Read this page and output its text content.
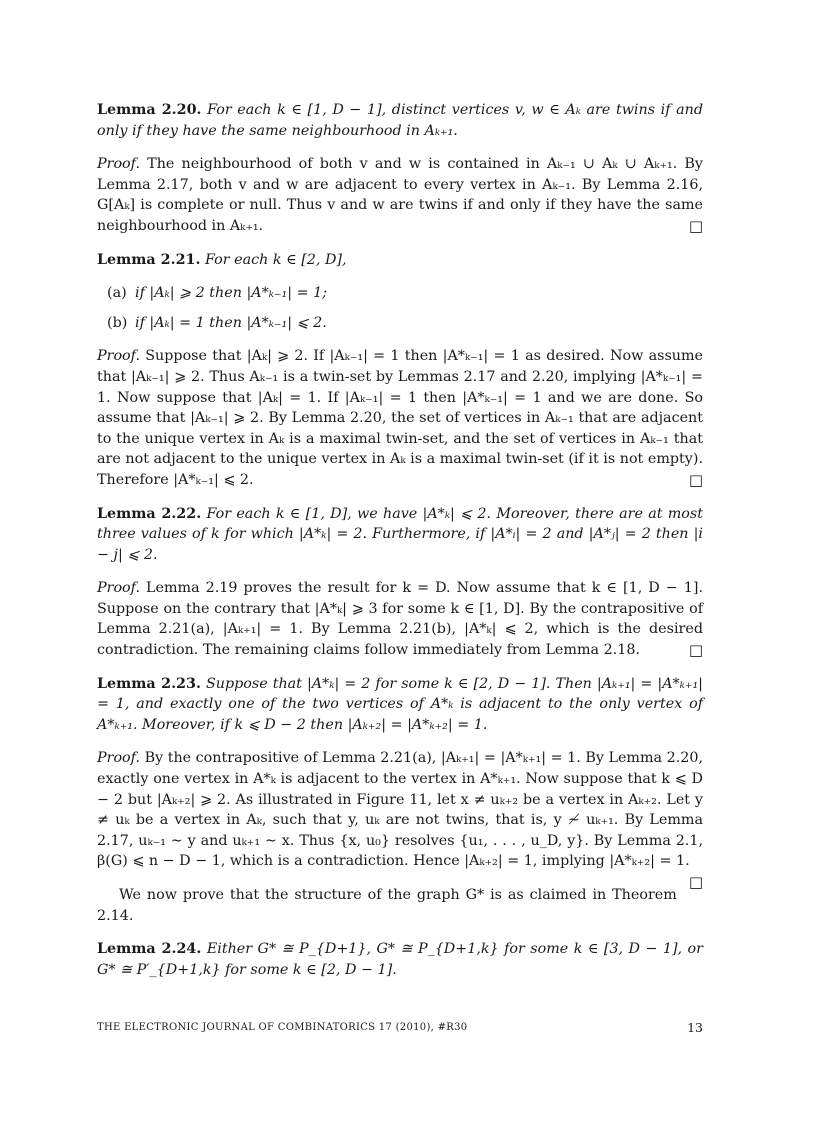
Lemma 2.20. For each k ∈ [1, D − 1], distinct vertices v, w ∈ Aₖ are twins if and only if they have the same neighbourhood in Aₖ₊₁.
Proof. The neighbourhood of both v and w is contained in Aₖ₋₁ ∪ Aₖ ∪ Aₖ₊₁. By Lemma 2.17, both v and w are adjacent to every vertex in Aₖ₋₁. By Lemma 2.16, G[Aₖ] is complete or null. Thus v and w are twins if and only if they have the same neighbourhood in Aₖ₊₁.	□
Lemma 2.21. For each k ∈ [2, D],
(a) if |Aₖ| ⩾ 2 then |A*ₖ₋₁| = 1;
(b) if |Aₖ| = 1 then |A*ₖ₋₁| ⩽ 2.
Proof. Suppose that |Aₖ| ⩾ 2. If |Aₖ₋₁| = 1 then |A*ₖ₋₁| = 1 as desired. Now assume that |Aₖ₋₁| ⩾ 2. Thus Aₖ₋₁ is a twin-set by Lemmas 2.17 and 2.20, implying |A*ₖ₋₁| = 1. Now suppose that |Aₖ| = 1. If |Aₖ₋₁| = 1 then |A*ₖ₋₁| = 1 and we are done. So assume that |Aₖ₋₁| ⩾ 2. By Lemma 2.20, the set of vertices in Aₖ₋₁ that are adjacent to the unique vertex in Aₖ is a maximal twin-set, and the set of vertices in Aₖ₋₁ that are not adjacent to the unique vertex in Aₖ is a maximal twin-set (if it is not empty). Therefore |A*ₖ₋₁| ⩽ 2.	□
Lemma 2.22. For each k ∈ [1, D], we have |A*ₖ| ⩽ 2. Moreover, there are at most three values of k for which |A*ₖ| = 2. Furthermore, if |A*ᵢ| = 2 and |A*ⱼ| = 2 then |i − j| ⩽ 2.
Proof. Lemma 2.19 proves the result for k = D. Now assume that k ∈ [1, D − 1]. Suppose on the contrary that |A*ₖ| ⩾ 3 for some k ∈ [1, D]. By the contrapositive of Lemma 2.21(a), |Aₖ₊₁| = 1. By Lemma 2.21(b), |A*ₖ| ⩽ 2, which is the desired contradiction. The remaining claims follow immediately from Lemma 2.18.	□
Lemma 2.23. Suppose that |A*ₖ| = 2 for some k ∈ [2, D − 1]. Then |Aₖ₊₁| = |A*ₖ₊₁| = 1, and exactly one of the two vertices of A*ₖ is adjacent to the only vertex of A*ₖ₊₁. Moreover, if k ⩽ D − 2 then |Aₖ₊₂| = |A*ₖ₊₂| = 1.
Proof. By the contrapositive of Lemma 2.21(a), |Aₖ₊₁| = |A*ₖ₊₁| = 1. By Lemma 2.20, exactly one vertex in A*ₖ is adjacent to the vertex in A*ₖ₊₁. Now suppose that k ⩽ D − 2 but |Aₖ₊₂| ⩾ 2. As illustrated in Figure 11, let x ≠ uₖ₊₂ be a vertex in Aₖ₊₂. Let y ≠ uₖ be a vertex in Aₖ, such that y, uₖ are not twins, that is, y ≁ uₖ₊₁. By Lemma 2.17, uₖ₋₁ ∼ y and uₖ₊₁ ∼ x. Thus {x, u₀} resolves {u₁, . . . , u_D, y}. By Lemma 2.1, β(G) ⩽ n − D − 1, which is a contradiction. Hence |Aₖ₊₂| = 1, implying |A*ₖ₊₂| = 1.
□
We now prove that the structure of the graph G* is as claimed in Theorem 2.14.
Lemma 2.24. Either G* ≅ P_{D+1}, G* ≅ P_{D+1,k} for some k ∈ [3, D − 1], or G* ≅ P′_{D+1,k} for some k ∈ [2, D − 1].
THE ELECTRONIC JOURNAL OF COMBINATORICS 17 (2010), #R30	13
